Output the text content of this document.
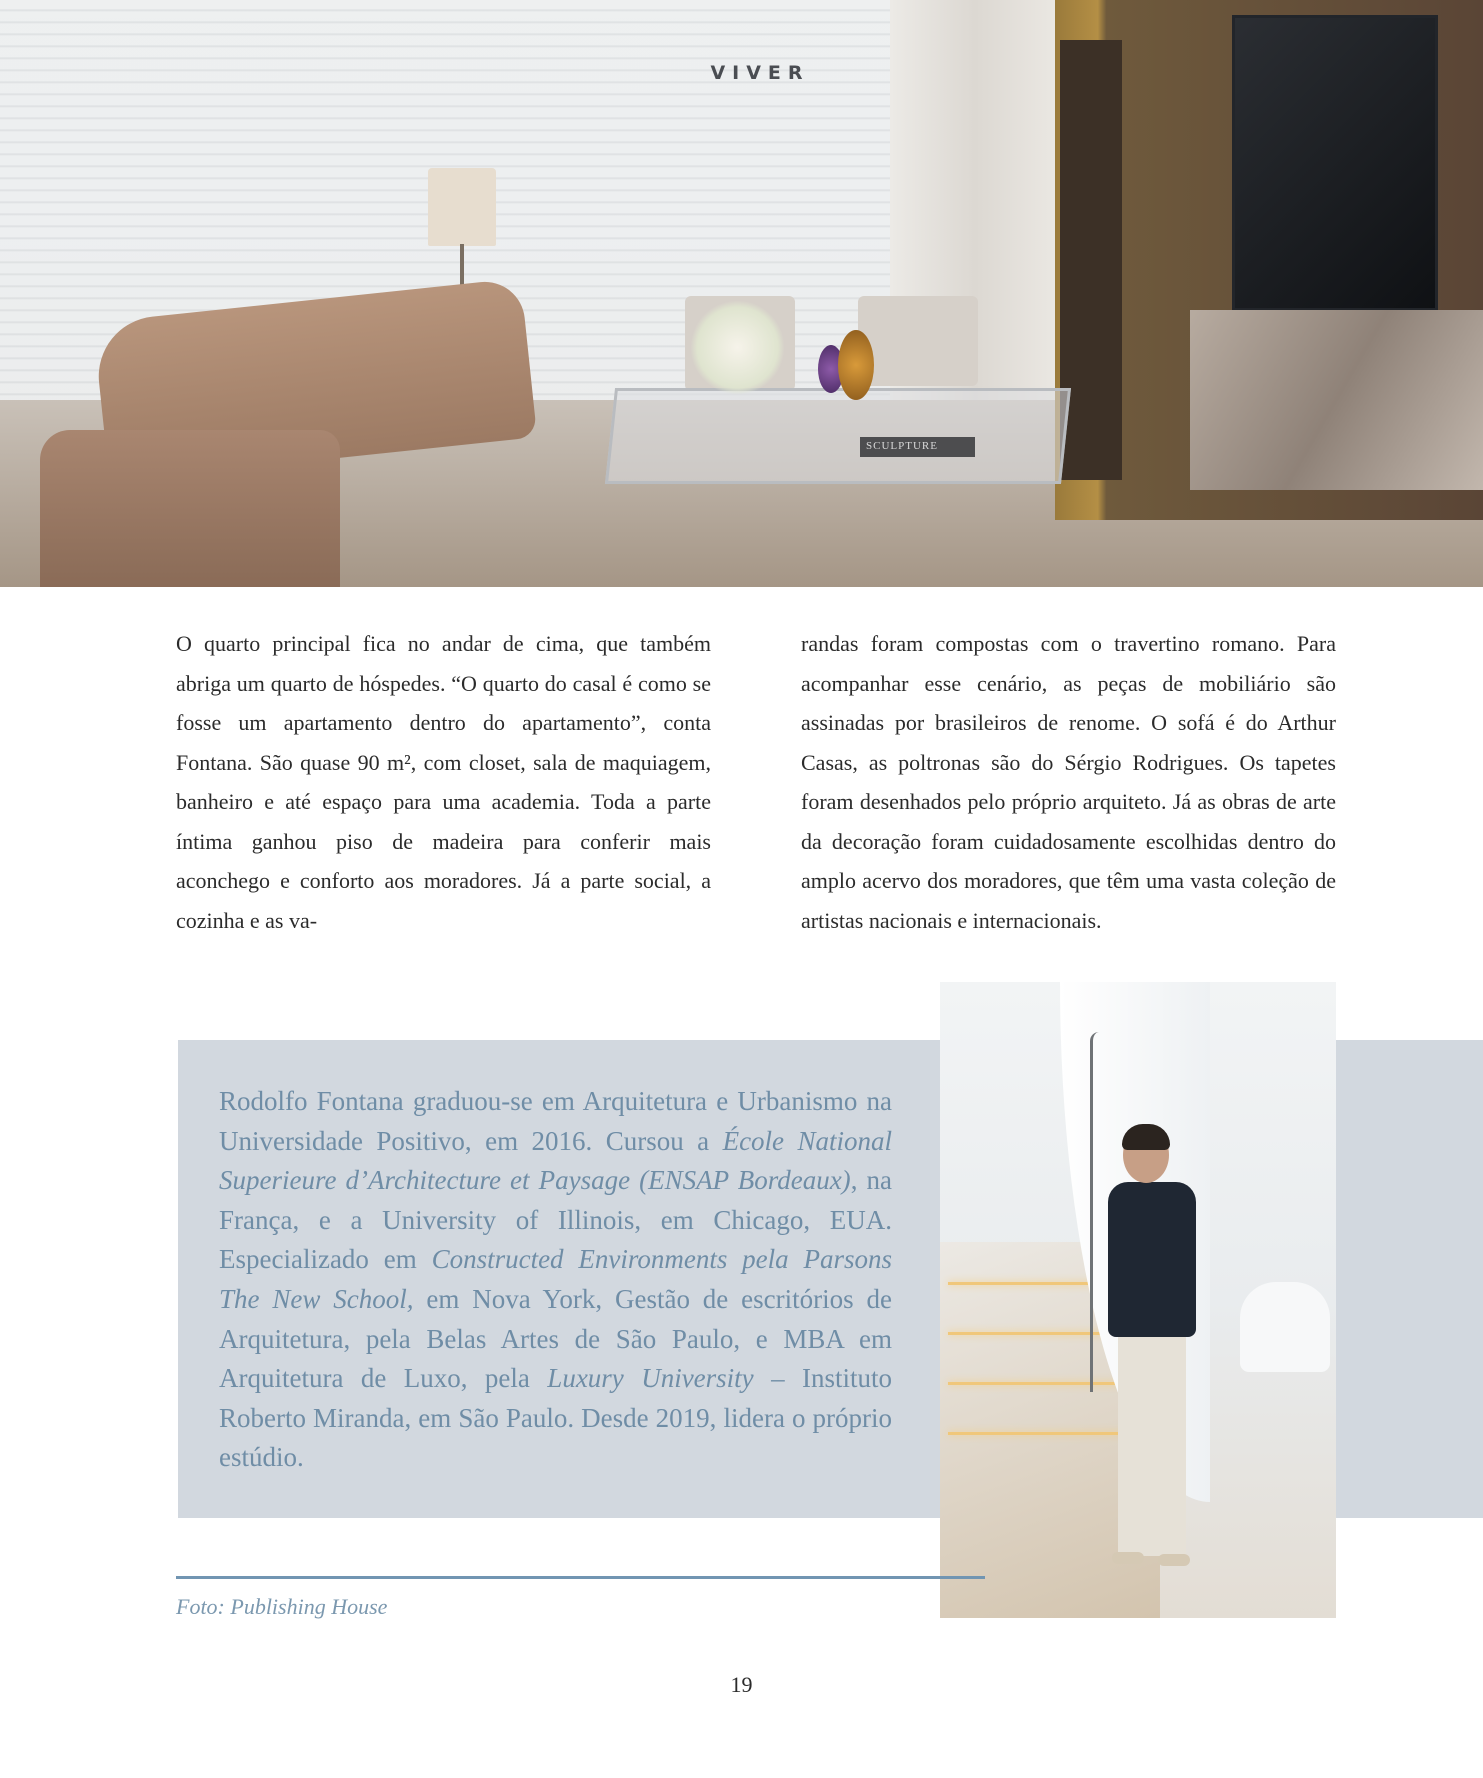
SCULPTURE
VIVER

O quarto principal fica no andar de cima, que também abriga um quarto de hóspedes. “O quarto do casal é como se fosse um apartamento dentro do apartamento”, conta Fontana. São quase 90 m², com closet, sala de maquiagem, banheiro e até espaço para uma academia. Toda a parte íntima ganhou piso de madeira para conferir mais aconchego e conforto aos moradores. Já a parte social, a cozinha e as va-

randas foram compostas com o travertino romano. Para acompanhar esse cenário, as peças de mobiliário são assinadas por brasileiros de renome. O sofá é do Arthur Casas, as poltronas são do Sérgio Rodrigues. Os tapetes foram desenhados pelo próprio arquiteto. Já as obras de arte da decoração foram cuidadosamente escolhidas dentro do amplo acervo dos moradores, que têm uma vasta coleção de artistas nacionais e internacionais.

Rodolfo Fontana graduou-se em Arquitetura e Urbanismo na Universidade Positivo, em 2016. Cursou a École National Superieure d’Architecture et Paysage (ENSAP Bordeaux), na França, e a University of Illinois, em Chicago, EUA. Especializado em Constructed Environments pela Parsons The New School, em Nova York, Gestão de escritórios de Arquitetura, pela Belas Artes de São Paulo, e MBA em Arquitetura de Luxo, pela Luxury University – Instituto Roberto Miranda, em São Paulo. Desde 2019, lidera o próprio estúdio.

Foto: Publishing House
19
